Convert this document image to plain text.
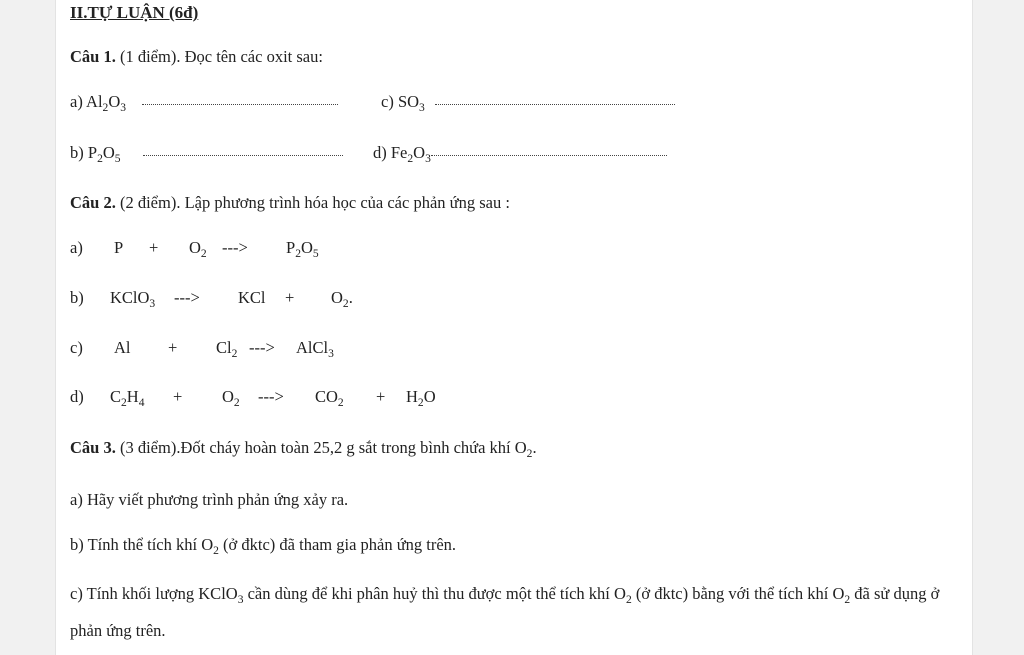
II.TỰ LUẬN (6đ)
Câu 1. (1 điểm). Đọc tên các oxit sau:
a) $Al_2O_3$	c) $SO_3$
b) $P_2O_5$	d) $Fe_2O_3$
Câu 2. (2 điểm). Lập phương trình hóa học của các phản ứng sau :
a) $P + O_2$ ---> $P_2O_5$
b) KClO$_3$ ---> KCl + $O_2$.
c) $Al + Cl_2$ ---> AlCl$_3$
d) $C_2H_4 + O_2$ ---> $CO_2 + H_2O$
Câu 3. (3 điểm).Đốt cháy hoàn toàn 25,2 g sắt trong bình chứa khí $O_2$.
a) Hãy viết phương trình phản ứng xảy ra.
b) Tính thể tích khí $O_2$ (ở đktc) đã tham gia phản ứng trên.
c) Tính khối lượng KClO$_3$ cần dùng để khi phân huỷ thì thu được một thể tích khí $O_2$ (ở đktc) bằng với thể tích khí $O_2$ đã sử dụng ở phản ứng trên.
